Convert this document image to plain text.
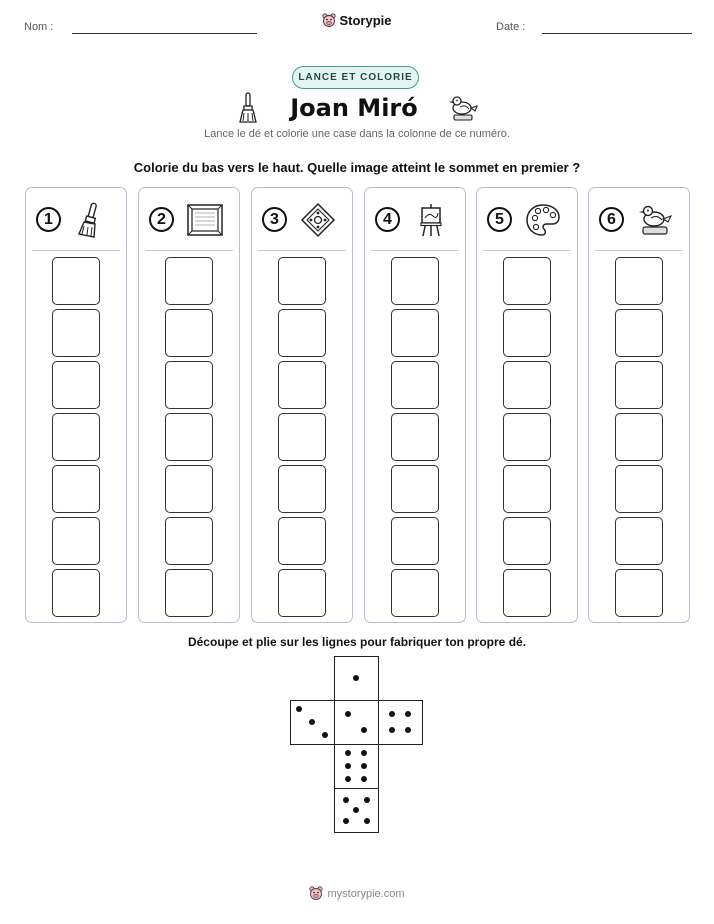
Nom :	Storypie	Date :
LANCE ET COLORIE
Joan Miró
Lance le dé et colorie une case dans la colonne de ce numéro.
Colorie du bas vers le haut. Quelle image atteint le sommet en premier ?
1	2	3	4	5	6
Découpe et plie sur les lignes pour fabriquer ton propre dé.
mystorypie.com
